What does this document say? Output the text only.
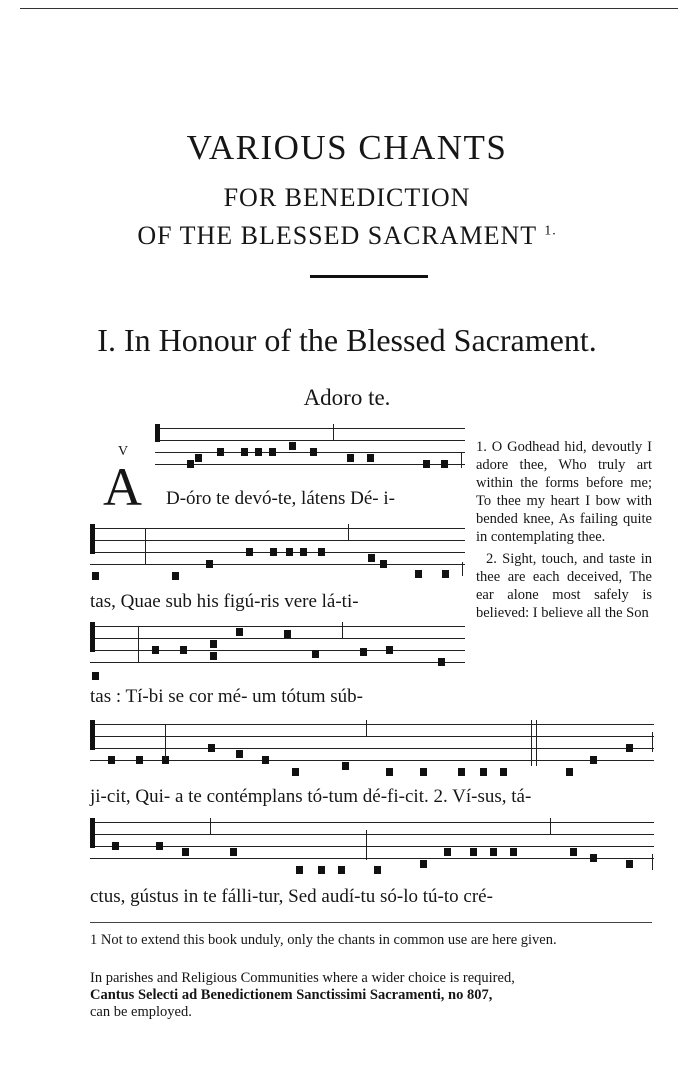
VARIOUS CHANTS
FOR BENEDICTION
OF THE BLESSED SACRAMENT $^{1.}$
I. In Honour of the Blessed Sacrament.
Adoro te.
V
A D-óro te devó-te, látens Dé- i-
tas, Quae sub his figú-ris vere lá-ti-
tas : Tí-bi se cor mé- um tótum súb-
ji-cit, Qui- a te contémplans tó-tum dé-fi-cit. 2. Ví-sus, tá-
ctus, gústus in te fálli-tur, Sed audí-tu só-lo tú-to cré-

1. O Godhead hid, devoutly I adore thee, Who truly art within the forms before me; To thee my heart I bow with bended knee, As failing quite in contemplating thee.

2. Sight, touch, and taste in thee are each deceived, The ear alone most safely is believed: I believe all the Son

1 Not to extend this book unduly, only the chants in common use are here given.
In parishes and Religious Communities where a wider choice is required,
Cantus Selecti ad Benedictionem Sanctissimi Sacramenti, no 807,
can be employed.
